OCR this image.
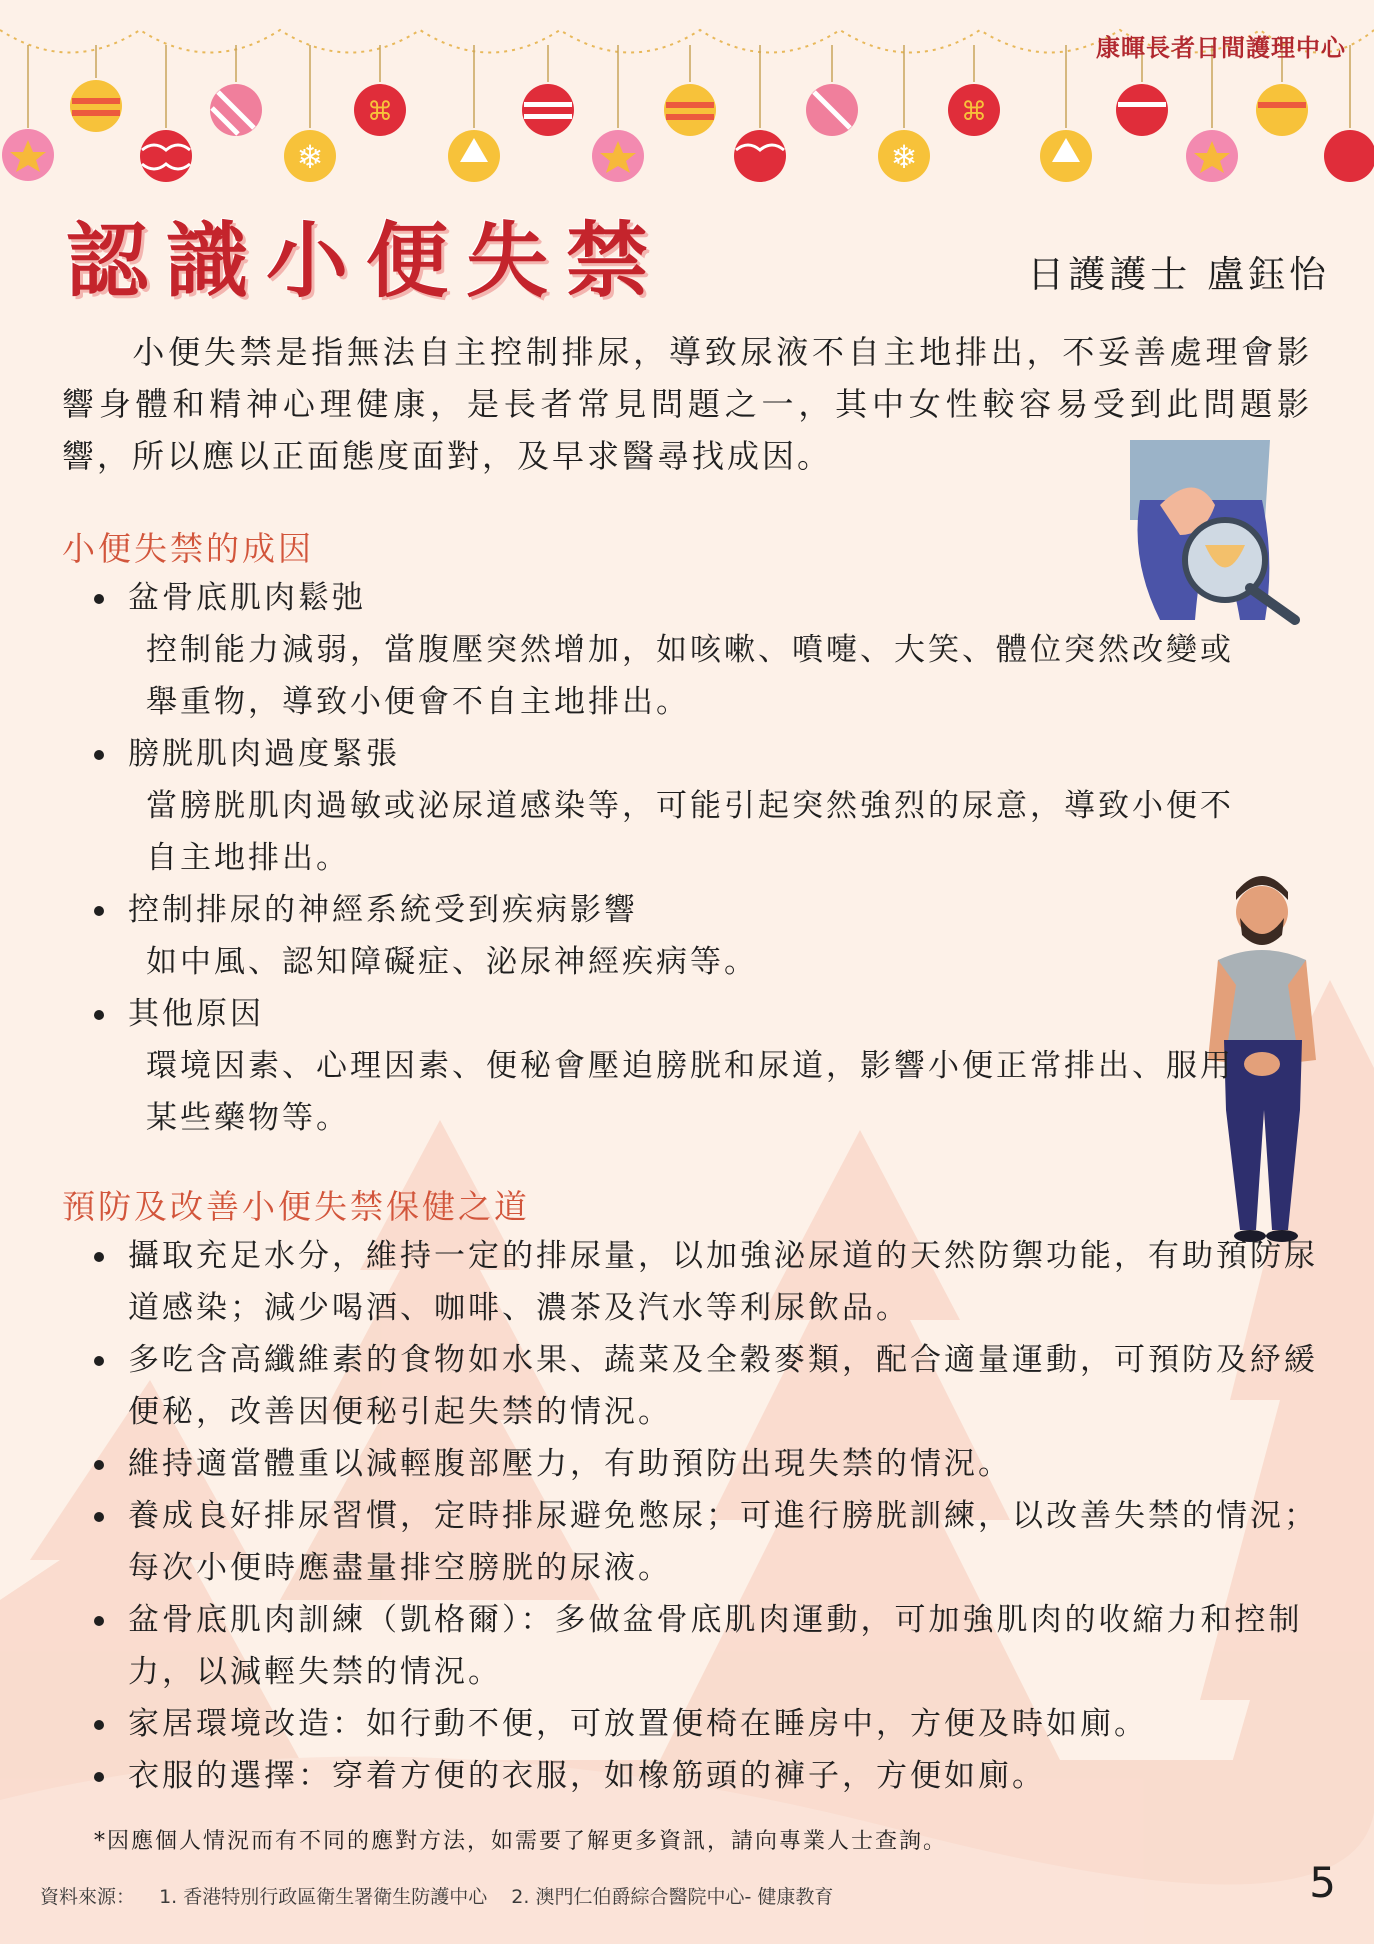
❄
⌘
❄
⌘
康暉長者日間護理中心
認識小便失禁	日護護士 盧鈺怡
小便失禁是指無法自主控制排尿，導致尿液不自主地排出，不妥善處理會影響身體和精神心理健康，是長者常見問題之一，其中女性較容易受到此問題影響，所以應以正面態度面對，及早求醫尋找成因。
小便失禁的成因
盆骨底肌肉鬆弛
控制能力減弱，當腹壓突然增加，如咳嗽、噴嚏、大笑、體位突然改變或舉重物，導致小便會不自主地排出。
膀胱肌肉過度緊張
當膀胱肌肉過敏或泌尿道感染等，可能引起突然強烈的尿意，導致小便不自主地排出。
控制排尿的神經系統受到疾病影響
如中風、認知障礙症、泌尿神經疾病等。
其他原因
環境因素、心理因素、便秘會壓迫膀胱和尿道，影響小便正常排出、服用某些藥物等。
預防及改善小便失禁保健之道
攝取充足水分，維持一定的排尿量，以加強泌尿道的天然防禦功能，有助預防尿道感染；減少喝酒、咖啡、濃茶及汽水等利尿飲品。
多吃含高纖維素的食物如水果、蔬菜及全穀麥類，配合適量運動，可預防及紓緩便秘，改善因便秘引起失禁的情況。
維持適當體重以減輕腹部壓力，有助預防出現失禁的情況。
養成良好排尿習慣，定時排尿避免憋尿；可進行膀胱訓練，以改善失禁的情況；每次小便時應盡量排空膀胱的尿液。
盆骨底肌肉訓練（凱格爾）：多做盆骨底肌肉運動，可加強肌肉的收縮力和控制力，以減輕失禁的情況。
家居環境改造：如行動不便，可放置便椅在睡房中，方便及時如廁。
衣服的選擇：穿着方便的衣服，如橡筋頭的褲子，方便如廁。
*因應個人情況而有不同的應對方法，如需要了解更多資訊，請向專業人士查詢。
資料來源： 1. 香港特別行政區衛生署衛生防護中心 2. 澳門仁伯爵綜合醫院中心- 健康教育	5
